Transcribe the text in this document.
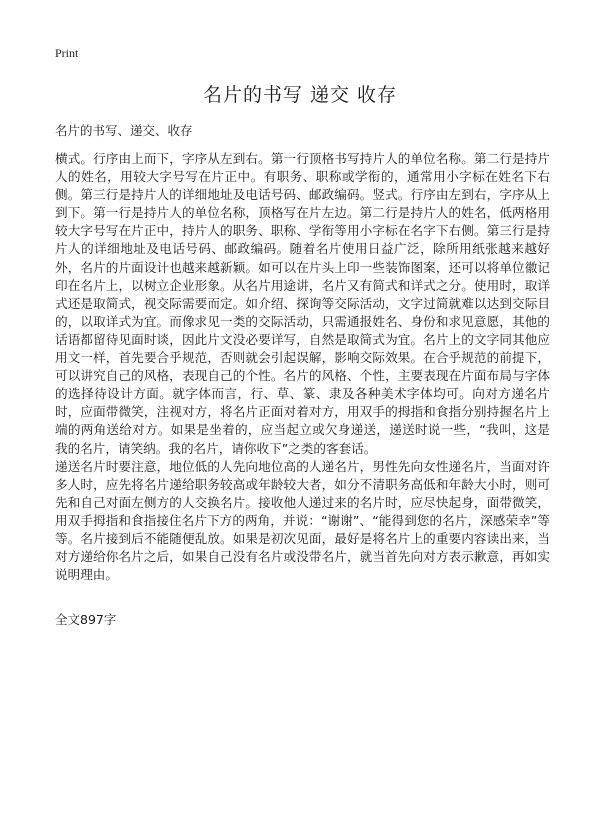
Print
名片的书写 递交 收存
名片的书写、递交、收存

横式。行序由上而下，字序从左到右。第一行顶格书写持片人的单位名称。第二行是持片人的姓名，用较大字号写在片正中。有职务、职称或学衔的，通常用小字标在姓名下右侧。第三行是持片人的详细地址及电话号码、邮政编码。竖式。行序由左到右，字序从上到下。第一行是持片人的单位名称，顶格写在片左边。第二行是持片人的姓名，低两格用较大字号写在片正中，持片人的职务、职称、学衔等用小字标在名字下右侧。第三行是持片人的详细地址及电话号码、邮政编码。随着名片使用日益广泛，除所用纸张越来越好外，名片的片面设计也越来越新颖。如可以在片头上印一些装饰图案，还可以将单位徽记印在名片上，以树立企业形象。从名片用途讲，名片又有简式和详式之分。使用时，取详式还是取简式，视交际需要而定。如介绍、探询等交际活动，文字过简就难以达到交际目的，以取详式为宜。而像求见一类的交际活动，只需通报姓名、身份和求见意愿，其他的话语都留待见面时谈，因此片文没必要详写，自然是取简式为宜。名片上的文字同其他应用文一样，首先要合乎规范，否则就会引起误解，影响交际效果。在合乎规范的前提下，可以讲究自己的风格，表现自己的个性。名片的风格、个性，主要表现在片面布局与字体的选择待设计方面。就字体而言，行、草、篆、隶及各种美术字体均可。向对方递名片时，应面带微笑，注视对方，将名片正面对着对方，用双手的拇指和食指分别持握名片上端的两角送给对方。如果是坐着的，应当起立或欠身递送，递送时说一些，“我叫，这是我的名片，请笑纳。我的名片，请你收下”之类的客套话。

递送名片时要注意，地位低的人先向地位高的人递名片，男性先向女性递名片，当面对许多人时，应先将名片递给职务较高或年龄较大者，如分不清职务高低和年龄大小时，则可先和自己对面左侧方的人交换名片。接收他人递过来的名片时，应尽快起身，面带微笑，用双手拇指和食指接住名片下方的两角，并说：“谢谢”、“能得到您的名片，深感荣幸”等等。名片接到后不能随便乱放。如果是初次见面，最好是将名片上的重要内容读出来，当对方递给你名片之后，如果自己没有名片或没带名片，就当首先向对方表示歉意，再如实说明理由。

全文897字
